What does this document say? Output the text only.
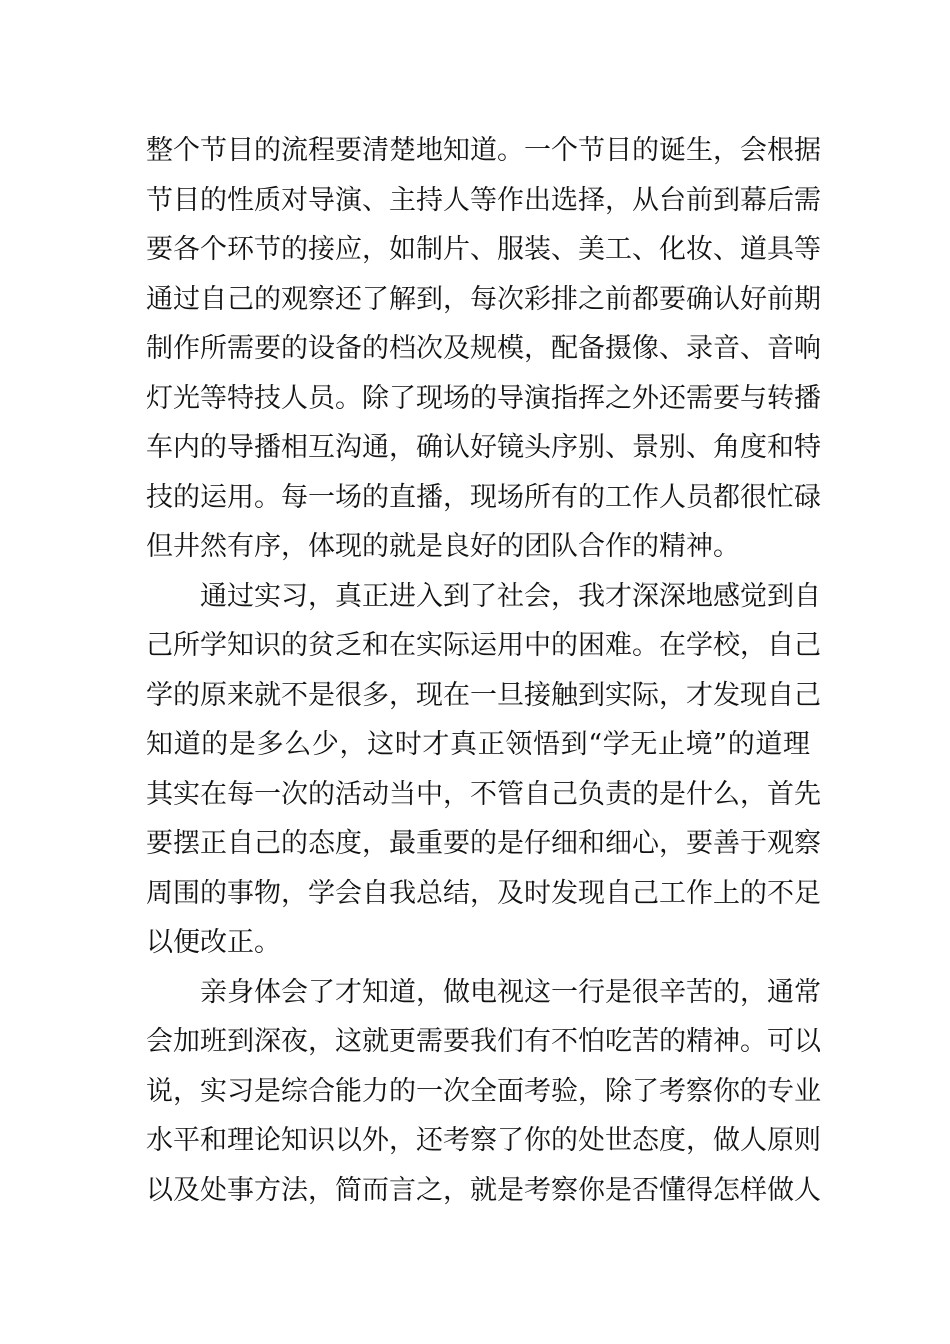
整个节目的流程要清楚地知道。一个节目的诞生，会根据
节目的性质对导演、主持人等作出选择，从台前到幕后需
要各个环节的接应，如制片、服装、美工、化妆、道具等
通过自己的观察还了解到，每次彩排之前都要确认好前期
制作所需要的设备的档次及规模，配备摄像、录音、音响
灯光等特技人员。除了现场的导演指挥之外还需要与转播
车内的导播相互沟通，确认好镜头序别、景别、角度和特
技的运用。每一场的直播，现场所有的工作人员都很忙碌
但井然有序，体现的就是良好的团队合作的精神。
通过实习，真正进入到了社会，我才深深地感觉到自
己所学知识的贫乏和在实际运用中的困难。在学校，自己
学的原来就不是很多，现在一旦接触到实际，才发现自己
知道的是多么少，这时才真正领悟到“学无止境”的道理
其实在每一次的活动当中，不管自己负责的是什么，首先
要摆正自己的态度，最重要的是仔细和细心，要善于观察
周围的事物，学会自我总结，及时发现自己工作上的不足
以便改正。
亲身体会了才知道，做电视这一行是很辛苦的，通常
会加班到深夜，这就更需要我们有不怕吃苦的精神。可以
说，实习是综合能力的一次全面考验，除了考察你的专业
水平和理论知识以外，还考察了你的处世态度，做人原则
以及处事方法，简而言之，就是考察你是否懂得怎样做人
